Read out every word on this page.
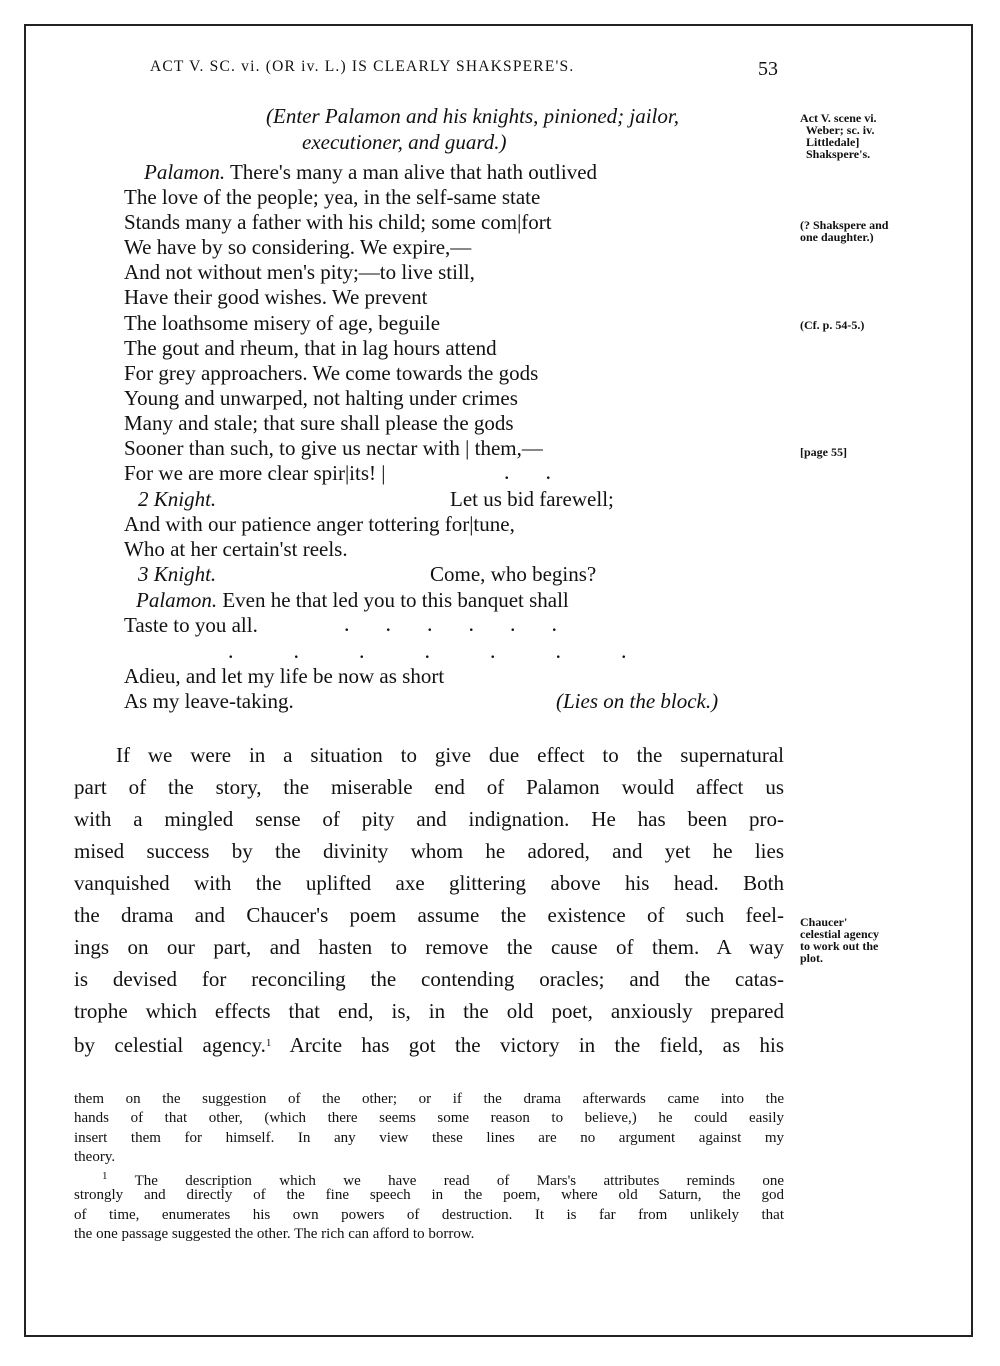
ACT V. SC. vi. (OR iv. L.) IS CLEARLY SHAKSPERE'S.	53
(Enter Palamon and his knights, pinioned; jailor,
executioner, and guard.)
Palamon. There's many a man alive that hath outlived
The love of the people; yea, in the self-same state
Stands many a father with his child; some com|fort
We have by so considering. We expire,—
And not without men's pity;—to live still,
Have their good wishes. We prevent
The loathsome misery of age, beguile
The gout and rheum, that in lag hours attend
For grey approachers. We come towards the gods
Young and unwarped, not halting under crimes
Many and stale; that sure shall please the gods
Sooner than such, to give us nectar with | them,—
For we are more clear spir|its! |	..
2 Knight.	Let us bid farewell;
And with our patience anger tottering for|tune,
Who at her certain'st reels.
3 Knight.	Come, who begins?
Palamon. Even he that led you to this banquet shall
Taste to you all.	......
.......
Adieu, and let my life be now as short
As my leave-taking.	(Lies on the block.)
Act V. scene vi.
Weber; sc. iv.
Littledale]
Shakspere's.
(? Shakspere and
one daughter.)
(Cf. p. 54-5.)
[page 55]
Chaucer'
celestial agency
to work out the
plot.
If we were in a situation to give due effect to the supernatural
part of the story, the miserable end of Palamon would affect us
with a mingled sense of pity and indignation. He has been pro-
mised success by the divinity whom he adored, and yet he lies
vanquished with the uplifted axe glittering above his head. Both
the drama and Chaucer's poem assume the existence of such feel-
ings on our part, and hasten to remove the cause of them. A way
is devised for reconciling the contending oracles; and the catas-
trophe which effects that end, is, in the old poet, anxiously prepared
by celestial agency.$^1$ Arcite has got the victory in the field, as his
them on the suggestion of the other; or if the drama afterwards came into the
hands of that other, (which there seems some reason to believe,) he could easily
insert them for himself. In any view these lines are no argument against my
theory.
$^1$ The description which we have read of Mars's attributes reminds one
strongly and directly of the fine speech in the poem, where old Saturn, the god
of time, enumerates his own powers of destruction. It is far from unlikely that
the one passage suggested the other. The rich can afford to borrow.
